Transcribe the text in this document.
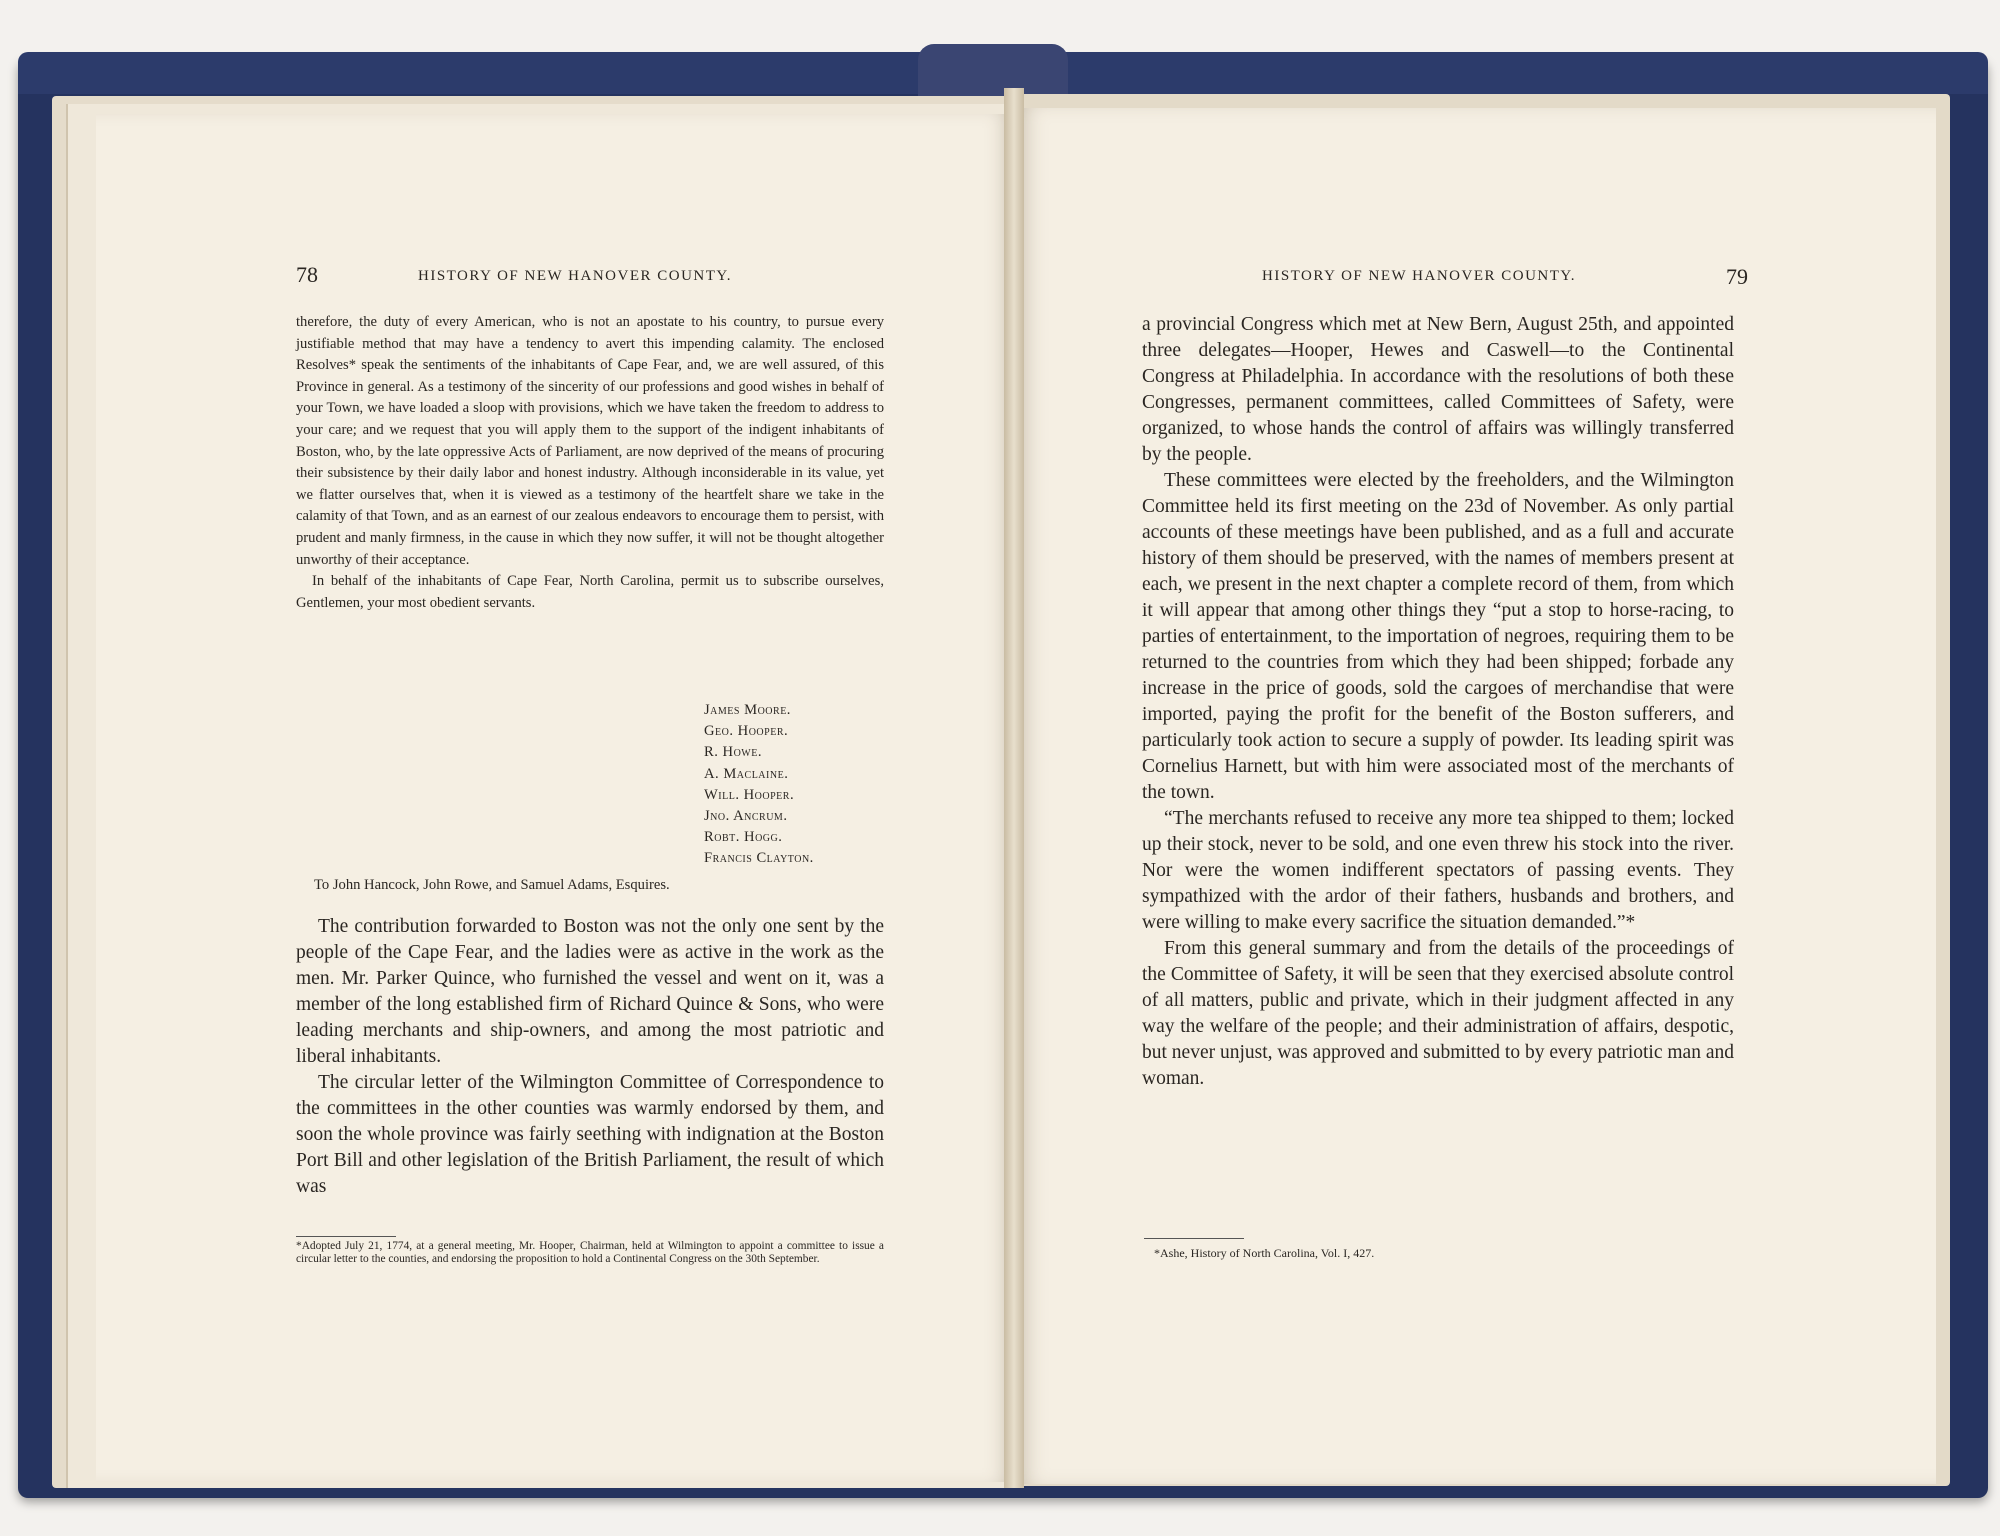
78	HISTORY OF NEW HANOVER COUNTY.

therefore, the duty of every American, who is not an apostate to his country, to pursue every justifiable method that may have a tendency to avert this impending calamity. The enclosed Resolves* speak the sentiments of the inhabitants of Cape Fear, and, we are well assured, of this Province in general. As a testimony of the sincerity of our professions and good wishes in behalf of your Town, we have loaded a sloop with provisions, which we have taken the freedom to address to your care; and we request that you will apply them to the support of the indigent inhabitants of Boston, who, by the late oppressive Acts of Parliament, are now deprived of the means of procuring their subsistence by their daily labor and honest industry. Although inconsiderable in its value, yet we flatter ourselves that, when it is viewed as a testimony of the heartfelt share we take in the calamity of that Town, and as an earnest of our zealous endeavors to encourage them to persist, with prudent and manly firmness, in the cause in which they now suffer, it will not be thought altogether unworthy of their acceptance.

In behalf of the inhabitants of Cape Fear, North Carolina, permit us to subscribe ourselves, Gentlemen, your most obedient servants.

James Moore.
Geo. Hooper.
R. Howe.
A. Maclaine.
Will. Hooper.
Jno. Ancrum.
Robt. Hogg.
Francis Clayton.
To John Hancock, John Rowe, and Samuel Adams, Esquires.

The contribution forwarded to Boston was not the only one sent by the people of the Cape Fear, and the ladies were as active in the work as the men. Mr. Parker Quince, who furnished the vessel and went on it, was a member of the long established firm of Richard Quince & Sons, who were leading merchants and ship-owners, and among the most patriotic and liberal inhabitants.

The circular letter of the Wilmington Committee of Correspondence to the committees in the other counties was warmly endorsed by them, and soon the whole province was fairly seething with indignation at the Boston Port Bill and other legislation of the British Parliament, the result of which was

*Adopted July 21, 1774, at a general meeting, Mr. Hooper, Chairman, held at Wilmington to appoint a committee to issue a circular letter to the counties, and endorsing the proposition to hold a Continental Congress on the 30th September.
HISTORY OF NEW HANOVER COUNTY.	79

a provincial Congress which met at New Bern, August 25th, and appointed three delegates—Hooper, Hewes and Caswell—to the Continental Congress at Philadelphia. In accordance with the resolutions of both these Congresses, permanent committees, called Committees of Safety, were organized, to whose hands the control of affairs was willingly transferred by the people.

These committees were elected by the freeholders, and the Wilmington Committee held its first meeting on the 23d of November. As only partial accounts of these meetings have been published, and as a full and accurate history of them should be preserved, with the names of members present at each, we present in the next chapter a complete record of them, from which it will appear that among other things they “put a stop to horse-racing, to parties of entertainment, to the importation of negroes, requiring them to be returned to the countries from which they had been shipped; forbade any increase in the price of goods, sold the cargoes of merchandise that were imported, paying the profit for the benefit of the Boston sufferers, and particularly took action to secure a supply of powder. Its leading spirit was Cornelius Harnett, but with him were associated most of the merchants of the town.

“The merchants refused to receive any more tea shipped to them; locked up their stock, never to be sold, and one even threw his stock into the river. Nor were the women indifferent spectators of passing events. They sympathized with the ardor of their fathers, husbands and brothers, and were willing to make every sacrifice the situation demanded.”*

From this general summary and from the details of the proceedings of the Committee of Safety, it will be seen that they exercised absolute control of all matters, public and private, which in their judgment affected in any way the welfare of the people; and their administration of affairs, despotic, but never unjust, was approved and submitted to by every patriotic man and woman.

*Ashe, History of North Carolina, Vol. I, 427.
